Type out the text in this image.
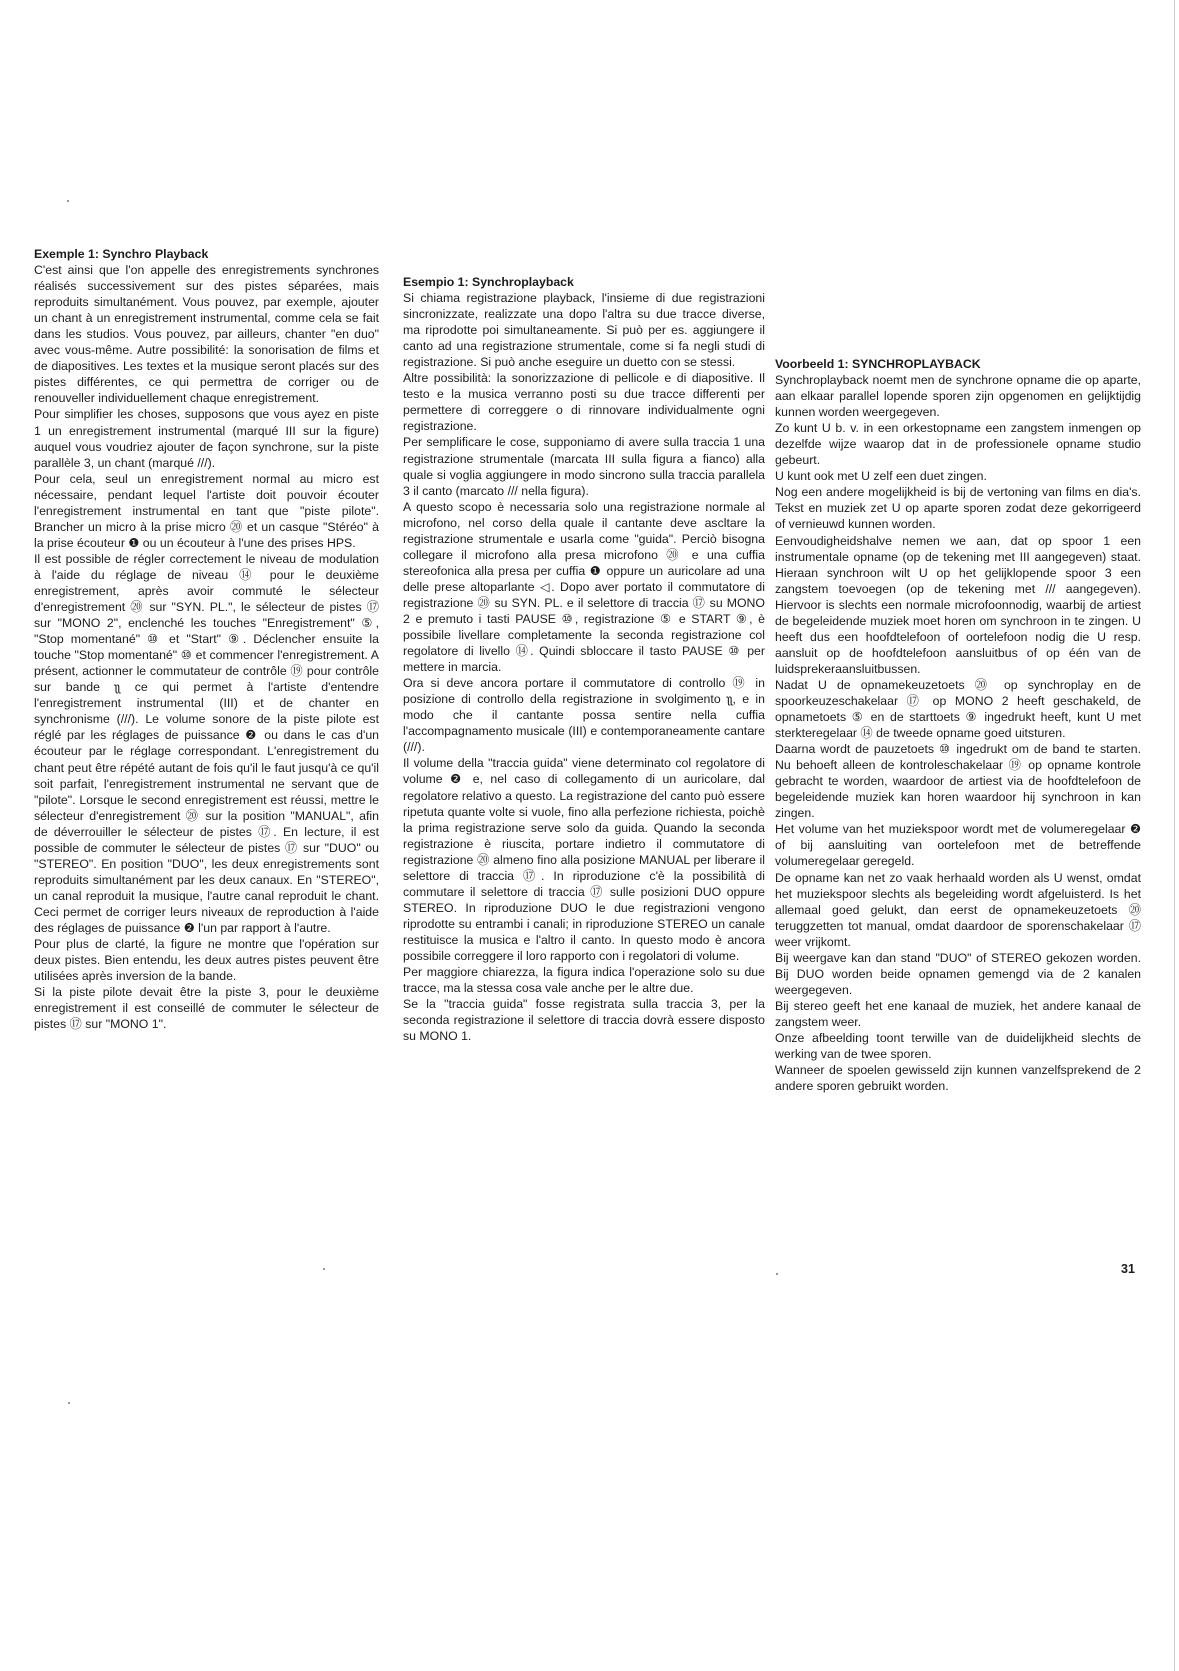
Exemple 1: Synchro Playback

C'est ainsi que l'on appelle des enregistrements synchrones réalisés successivement sur des pistes séparées, mais reproduits simultanément. Vous pouvez, par exemple, ajouter un chant à un enregistrement instrumental, comme cela se fait dans les studios. Vous pouvez, par ailleurs, chanter "en duo" avec vous-même. Autre possibilité: la sonorisation de films et de diapositives. Les textes et la musique seront placés sur des pistes différentes, ce qui permettra de corriger ou de renouveller individuellement chaque enregistrement.

Pour simplifier les choses, supposons que vous ayez en piste 1 un enregistrement instrumental (marqué III sur la figure) auquel vous voudriez ajouter de façon synchrone, sur la piste parallèle 3, un chant (marqué ///).

Pour cela, seul un enregistrement normal au micro est nécessaire, pendant lequel l'artiste doit pouvoir écouter l'enregistrement instrumental en tant que "piste pilote". Brancher un micro à la prise micro ⑳ et un casque "Stéréo" à la prise écouteur ❶ ou un écouteur à l'une des prises HPS.

Il est possible de régler correctement le niveau de modulation à l'aide du réglage de niveau ⑭ pour le deuxième enregistrement, après avoir commuté le sélecteur d'enregistrement ⑳ sur "SYN. PL.", le sélecteur de pistes ⑰ sur "MONO 2", enclenché les touches "Enregistrement" ⑤, "Stop momentané" ⑩ et "Start" ⑨. Déclencher ensuite la touche "Stop momentané" ⑩ et commencer l'enregistrement. A présent, actionner le commutateur de contrôle ⑲ pour contrôle sur bande ʅʅ ce qui permet à l'artiste d'entendre l'enregistrement instrumental (III) et de chanter en synchronisme (///). Le volume sonore de la piste pilote est réglé par les réglages de puissance ❷ ou dans le cas d'un écouteur par le réglage correspondant. L'enregistrement du chant peut être répété autant de fois qu'il le faut jusqu'à ce qu'il soit parfait, l'enregistrement instrumental ne servant que de "pilote". Lorsque le second enregistrement est réussi, mettre le sélecteur d'enregistrement ⑳ sur la position "MANUAL", afin de déverrouiller le sélecteur de pistes ⑰. En lecture, il est possible de commuter le sélecteur de pistes ⑰ sur "DUO" ou "STEREO". En position "DUO", les deux enregistrements sont reproduits simultanément par les deux canaux. En "STEREO", un canal reproduit la musique, l'autre canal reproduit le chant. Ceci permet de corriger leurs niveaux de reproduction à l'aide des réglages de puissance ❷ l'un par rapport à l'autre.

Pour plus de clarté, la figure ne montre que l'opération sur deux pistes. Bien entendu, les deux autres pistes peuvent être utilisées après inversion de la bande.

Si la piste pilote devait être la piste 3, pour le deuxième enregistrement il est conseillé de commuter le sélecteur de pistes ⑰ sur "MONO 1".

Esempio 1: Synchroplayback

Si chiama registrazione playback, l'insieme di due registrazioni sincronizzate, realizzate una dopo l'altra su due tracce diverse, ma riprodotte poi simultaneamente. Si può per es. aggiungere il canto ad una registrazione strumentale, come si fa negli studi di registrazione. Si può anche eseguire un duetto con se stessi.

Altre possibilità: la sonorizzazione di pellicole e di diapositive. Il testo e la musica verranno posti su due tracce differenti per permettere di correggere o di rinnovare individualmente ogni registrazione.

Per semplificare le cose, supponiamo di avere sulla traccia 1 una registrazione strumentale (marcata III sulla figura a fianco) alla quale si voglia aggiungere in modo sincrono sulla traccia parallela 3 il canto (marcato /// nella figura).

A questo scopo è necessaria solo una registrazione normale al microfono, nel corso della quale il cantante deve ascltare la registrazione strumentale e usarla come "guida". Perciò bisogna collegare il microfono alla presa microfono ⑳ e una cuffia stereofonica alla presa per cuffia ❶ oppure un auricolare ad una delle prese altoparlante ◁. Dopo aver portato il commutatore di registrazione ⑳ su SYN. PL. e il selettore di traccia ⑰ su MONO 2 e premuto i tasti PAUSE ⑩, registrazione ⑤ e START ⑨, è possibile livellare completamente la seconda registrazione col regolatore di livello ⑭. Quindi sbloccare il tasto PAUSE ⑩ per mettere in marcia.

Ora si deve ancora portare il commutatore di controllo ⑲ in posizione di controllo della registrazione in svolgimento ʅʅ, e in modo che il cantante possa sentire nella cuffia l'accompagnamento musicale (III) e contemporaneamente cantare (///).

Il volume della "traccia guida" viene determinato col regolatore di volume ❷ e, nel caso di collegamento di un auricolare, dal regolatore relativo a questo. La registrazione del canto può essere ripetuta quante volte si vuole, fino alla perfezione richiesta, poichè la prima registrazione serve solo da guida. Quando la seconda registrazione è riuscita, portare indietro il commutatore di registrazione ⑳ almeno fino alla posizione MANUAL per liberare il selettore di traccia ⑰. In riproduzione c'è la possibilità di commutare il selettore di traccia ⑰ sulle posizioni DUO oppure STEREO. In riproduzione DUO le due registrazioni vengono riprodotte su entrambi i canali; in riproduzione STEREO un canale restituisce la musica e l'altro il canto. In questo modo è ancora possibile correggere il loro rapporto con i regolatori di volume.

Per maggiore chiarezza, la figura indica l'operazione solo su due tracce, ma la stessa cosa vale anche per le altre due.

Se la "traccia guida" fosse registrata sulla traccia 3, per la seconda registrazione il selettore di traccia dovrà essere disposto su MONO 1.

Voorbeeld 1: SYNCHROPLAYBACK

Synchroplayback noemt men de synchrone opname die op aparte, aan elkaar parallel lopende sporen zijn opgenomen en gelijktijdig kunnen worden weergegeven.

Zo kunt U b. v. in een orkestopname een zangstem inmengen op dezelfde wijze waarop dat in de professionele opname studio gebeurt.

U kunt ook met U zelf een duet zingen.

Nog een andere mogelijkheid is bij de vertoning van films en dia's. Tekst en muziek zet U op aparte sporen zodat deze gekorrigeerd of vernieuwd kunnen worden.

Eenvoudigheidshalve nemen we aan, dat op spoor 1 een instrumentale opname (op de tekening met III aangegeven) staat. Hieraan synchroon wilt U op het gelijklopende spoor 3 een zangstem toevoegen (op de tekening met /// aangegeven). Hiervoor is slechts een normale microfoonnodig, waarbij de artiest de begeleidende muziek moet horen om synchroon in te zingen. U heeft dus een hoofdtelefoon of oortelefoon nodig die U resp. aansluit op de hoofdtelefoon aansluitbus of op één van de luidsprekeraansluitbussen.

Nadat U de opnamekeuzetoets ⑳ op synchroplay en de spoorkeuzeschakelaar ⑰ op MONO 2 heeft geschakeld, de opnametoets ⑤ en de starttoets ⑨ ingedrukt heeft, kunt U met sterkteregelaar ⑭ de tweede opname goed uitsturen.

Daarna wordt de pauzetoets ⑩ ingedrukt om de band te starten. Nu behoeft alleen de kontroleschakelaar ⑲ op opname kontrole gebracht te worden, waardoor de artiest via de hoofdtelefoon de begeleidende muziek kan horen waardoor hij synchroon in kan zingen.

Het volume van het muziekspoor wordt met de volumeregelaar ❷ of bij aansluiting van oortelefoon met de betreffende volumeregelaar geregeld.

De opname kan net zo vaak herhaald worden als U wenst, omdat het muziekspoor slechts als begeleiding wordt afgeluisterd. Is het allemaal goed gelukt, dan eerst de opnamekeuzetoets ⑳ teruggzetten tot manual, omdat daardoor de sporenschakelaar ⑰ weer vrijkomt.

Bij weergave kan dan stand "DUO" of STEREO gekozen worden. Bij DUO worden beide opnamen gemengd via de 2 kanalen weergegeven.

Bij stereo geeft het ene kanaal de muziek, het andere kanaal de zangstem weer.

Onze afbeelding toont terwille van de duidelijkheid slechts de werking van de twee sporen.

Wanneer de spoelen gewisseld zijn kunnen vanzelfsprekend de 2 andere sporen gebruikt worden.

31
